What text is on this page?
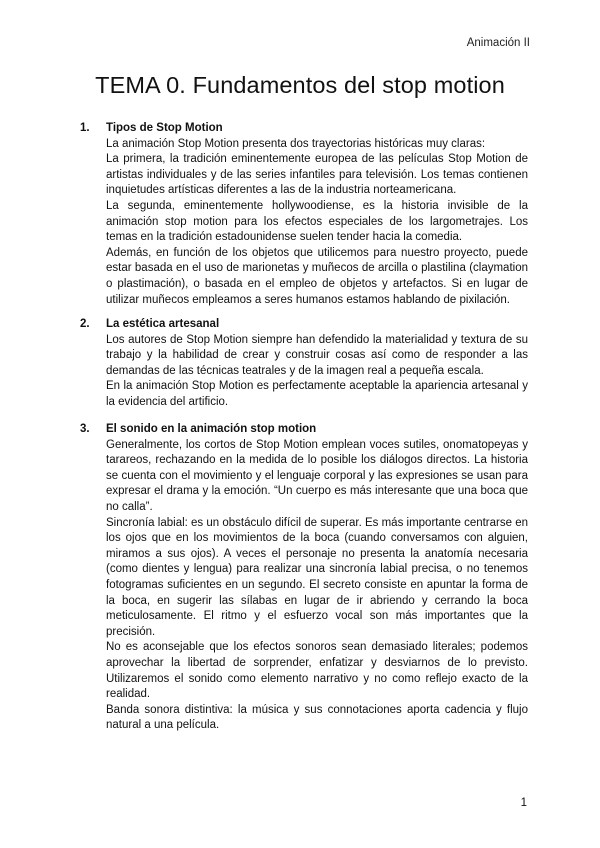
Animación II
TEMA 0. Fundamentos del stop motion
1. Tipos de Stop Motion

La animación Stop Motion presenta dos trayectorias históricas muy claras:

La primera, la tradición eminentemente europea de las películas Stop Motion de artistas individuales y de las series infantiles para televisión. Los temas contienen inquietudes artísticas diferentes a las de la industria norteamericana.

La segunda, eminentemente hollywoodiense, es la historia invisible de la animación stop motion para los efectos especiales de los largometrajes. Los temas en la tradición estadounidense suelen tender hacia la comedia.

Además, en función de los objetos que utilicemos para nuestro proyecto, puede estar basada en el uso de marionetas y muñecos de arcilla o plastilina (claymation o plastimación), o basada en el empleo de objetos y artefactos. Si en lugar de utilizar muñecos empleamos a seres humanos estamos hablando de pixilación.

2. La estética artesanal

Los autores de Stop Motion siempre han defendido la materialidad y textura de su trabajo y la habilidad de crear y construir cosas así como de responder a las demandas de las técnicas teatrales y de la imagen real a pequeña escala.

En la animación Stop Motion es perfectamente aceptable la apariencia artesanal y la evidencia del artificio.

3. El sonido en la animación stop motion

Generalmente, los cortos de Stop Motion emplean voces sutiles, onomatopeyas y tarareos, rechazando en la medida de lo posible los diálogos directos. La historia se cuenta con el movimiento y el lenguaje corporal y las expresiones se usan para expresar el drama y la emoción. “Un cuerpo es más interesante que una boca que no calla”.

Sincronía labial: es un obstáculo difícil de superar. Es más importante centrarse en los ojos que en los movimientos de la boca (cuando conversamos con alguien, miramos a sus ojos). A veces el personaje no presenta la anatomía necesaria (como dientes y lengua) para realizar una sincronía labial precisa, o no tenemos fotogramas suficientes en un segundo. El secreto consiste en apuntar la forma de la boca, en sugerir las sílabas en lugar de ir abriendo y cerrando la boca meticulosamente. El ritmo y el esfuerzo vocal son más importantes que la precisión.

No es aconsejable que los efectos sonoros sean demasiado literales; podemos aprovechar la libertad de sorprender, enfatizar y desviarnos de lo previsto. Utilizaremos el sonido como elemento narrativo y no como reflejo exacto de la realidad.

Banda sonora distintiva: la música y sus connotaciones aporta cadencia y flujo natural a una película.

1
